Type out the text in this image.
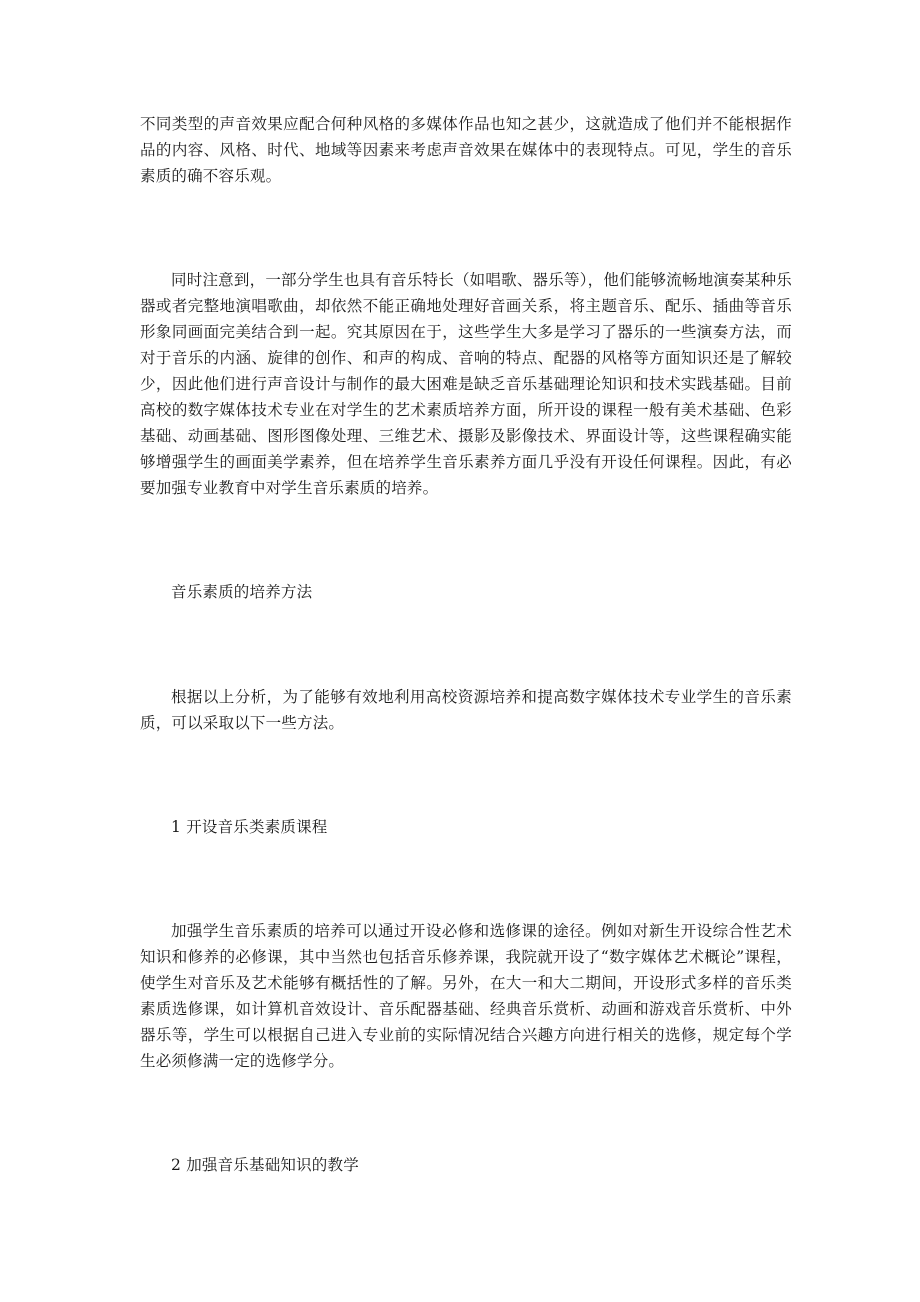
不同类型的声音效果应配合何种风格的多媒体作品也知之甚少，这就造成了他们并不能根据作品的内容、风格、时代、地域等因素来考虑声音效果在媒体中的表现特点。可见，学生的音乐素质的确不容乐观。

同时注意到，一部分学生也具有音乐特长（如唱歌、器乐等），他们能够流畅地演奏某种乐器或者完整地演唱歌曲，却依然不能正确地处理好音画关系，将主题音乐、配乐、插曲等音乐形象同画面完美结合到一起。究其原因在于，这些学生大多是学习了器乐的一些演奏方法，而对于音乐的内涵、旋律的创作、和声的构成、音响的特点、配器的风格等方面知识还是了解较少，因此他们进行声音设计与制作的最大困难是缺乏音乐基础理论知识和技术实践基础。目前高校的数字媒体技术专业在对学生的艺术素质培养方面，所开设的课程一般有美术基础、色彩基础、动画基础、图形图像处理、三维艺术、摄影及影像技术、界面设计等，这些课程确实能够增强学生的画面美学素养，但在培养学生音乐素养方面几乎没有开设任何课程。因此，有必要加强专业教育中对学生音乐素质的培养。

音乐素质的培养方法

根据以上分析，为了能够有效地利用高校资源培养和提高数字媒体技术专业学生的音乐素质，可以采取以下一些方法。

1 开设音乐类素质课程

加强学生音乐素质的培养可以通过开设必修和选修课的途径。例如对新生开设综合性艺术知识和修养的必修课，其中当然也包括音乐修养课，我院就开设了“数字媒体艺术概论”课程，使学生对音乐及艺术能够有概括性的了解。另外，在大一和大二期间，开设形式多样的音乐类素质选修课，如计算机音效设计、音乐配器基础、经典音乐赏析、动画和游戏音乐赏析、中外器乐等，学生可以根据自己进入专业前的实际情况结合兴趣方向进行相关的选修，规定每个学生必须修满一定的选修学分。

2 加强音乐基础知识的教学
